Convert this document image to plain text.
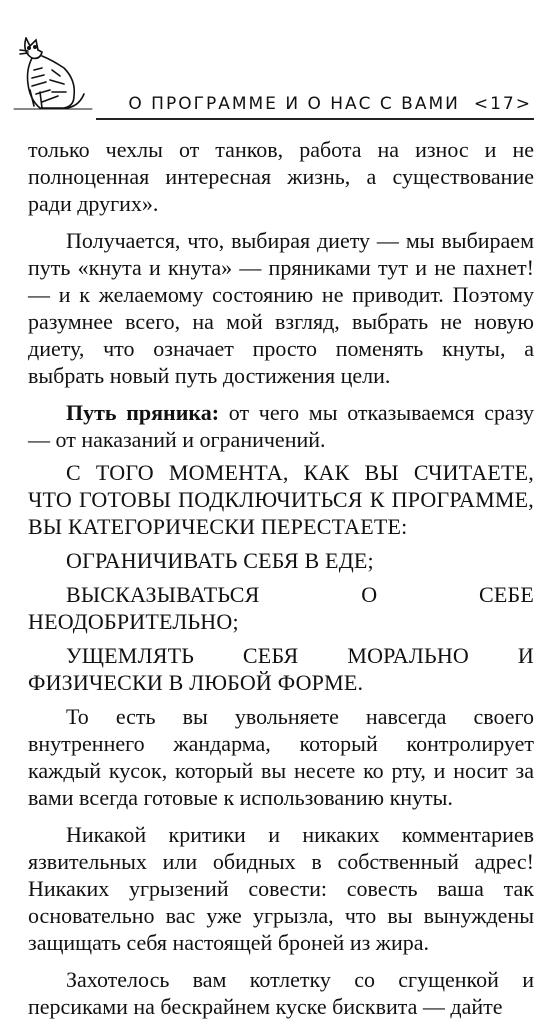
О ПРОГРАММЕ И О НАС С ВАМИ <17>

только чехлы от танков, работа на износ и не полноценная интересная жизнь, а существование ради других».

Получается, что, выбирая диету — мы выбираем путь «кнута и кнута» — пряниками тут и не пахнет! — и к желаемому состоянию не приводит. Поэтому разумнее всего, на мой взгляд, выбрать не новую диету, что означает просто поменять кнуты, а выбрать новый путь достижения цели.

Путь пряника: от чего мы отказываемся сразу — от наказаний и ограничений.

С ТОГО МОМЕНТА, КАК ВЫ СЧИТАЕТЕ, ЧТО ГОТОВЫ ПОДКЛЮЧИТЬСЯ К ПРОГРАММЕ, ВЫ КАТЕГОРИЧЕСКИ ПЕРЕСТАЕТЕ:

ОГРАНИЧИВАТЬ СЕБЯ В ЕДЕ;

ВЫСКАЗЫВАТЬСЯ О СЕБЕ НЕОДОБРИТЕЛЬНО;

УЩЕМЛЯТЬ СЕБЯ МОРАЛЬНО И ФИЗИЧЕСКИ В ЛЮБОЙ ФОРМЕ.

То есть вы увольняете навсегда своего внутреннего жандарма, который контролирует каждый кусок, который вы несете ко рту, и носит за вами всегда готовые к использованию кнуты.

Никакой критики и никаких комментариев язвительных или обидных в собственный адрес! Никаких угрызений совести: совесть ваша так основательно вас уже угрызла, что вы вынуждены защищать себя настоящей броней из жира.

Захотелось вам котлетку со сгущенкой и персиками на бескрайнем куске бисквита — дайте
